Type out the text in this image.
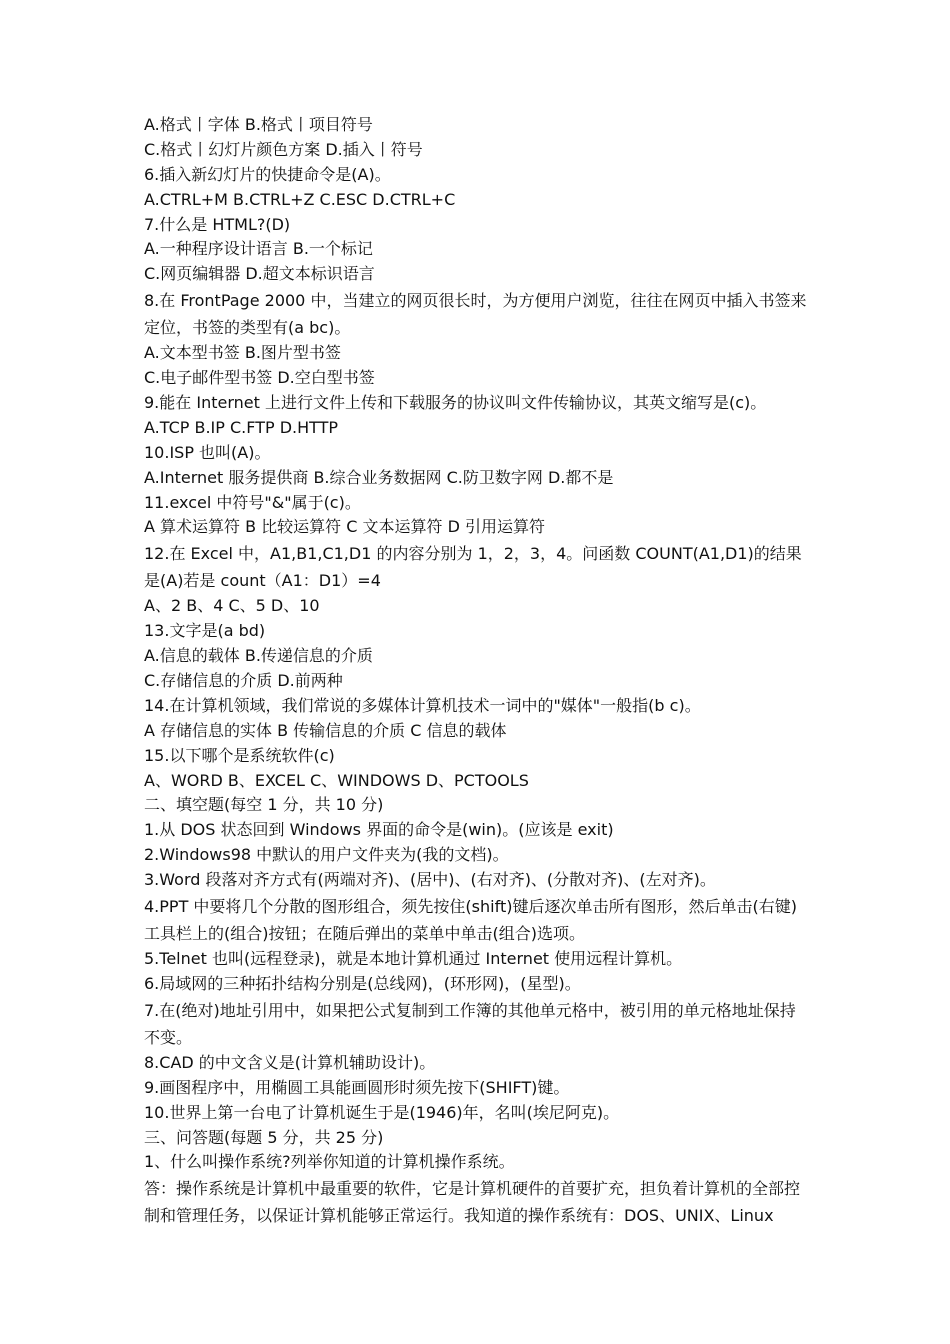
A.格式丨字体 B.格式丨项目符号
C.格式丨幻灯片颜色方案 D.插入丨符号
6.插入新幻灯片的快捷命令是(A)。
A.CTRL+M B.CTRL+Z C.ESC D.CTRL+C
7.什么是 HTML?(D)
A.一种程序设计语言 B.一个标记
C.网页编辑器 D.超文本标识语言
8.在 FrontPage 2000 中，当建立的网页很长时，为方便用户浏览，往往在网页中插入书签来定位，书签的类型有(a bc)。
A.文本型书签 B.图片型书签
C.电子邮件型书签 D.空白型书签
9.能在 Internet 上进行文件上传和下载服务的协议叫文件传输协议，其英文缩写是(c)。
A.TCP B.IP C.FTP D.HTTP
10.ISP 也叫(A)。
A.Internet 服务提供商 B.综合业务数据网 C.防卫数字网 D.都不是
11.excel 中符号"&"属于(c)。
A 算术运算符 B 比较运算符 C 文本运算符 D 引用运算符
12.在 Excel 中，A1,B1,C1,D1 的内容分别为 1，2，3，4。问函数 COUNT(A1,D1)的结果是(A)若是 count（A1：D1）=4
A、2 B、4 C、5 D、10
13.文字是(a bd)
A.信息的载体 B.传递信息的介质
C.存储信息的介质 D.前两种
14.在计算机领域，我们常说的多媒体计算机技术一词中的"媒体"一般指(b c)。
A 存储信息的实体 B 传输信息的介质 C 信息的载体
15.以下哪个是系统软件(c)
A、WORD B、EXCEL C、WINDOWS D、PCTOOLS
二、填空题(每空 1 分，共 10 分)
1.从 DOS 状态回到 Windows 界面的命令是(win)。(应该是 exit)
2.Windows98 中默认的用户文件夹为(我的文档)。
3.Word 段落对齐方式有(两端对齐)、(居中)、(右对齐)、(分散对齐)、(左对齐)。
4.PPT 中要将几个分散的图形组合，须先按住(shift)键后逐次单击所有图形，然后单击(右键)工具栏上的(组合)按钮；在随后弹出的菜单中单击(组合)选项。
5.Telnet 也叫(远程登录)，就是本地计算机通过 Internet 使用远程计算机。
6.局域网的三种拓扑结构分别是(总线网)，(环形网)，(星型)。
7.在(绝对)地址引用中，如果把公式复制到工作簿的其他单元格中，被引用的单元格地址保持不变。
8.CAD 的中文含义是(计算机辅助设计)。
9.画图程序中，用椭圆工具能画圆形时须先按下(SHIFT)键。
10.世界上第一台电了计算机诞生于是(1946)年，名叫(埃尼阿克)。
三、问答题(每题 5 分，共 25 分)
1、什么叫操作系统?列举你知道的计算机操作系统。
答：操作系统是计算机中最重要的软件，它是计算机硬件的首要扩充，担负着计算机的全部控制和管理任务，以保证计算机能够正常运行。我知道的操作系统有：DOS、UNIX、Linux
